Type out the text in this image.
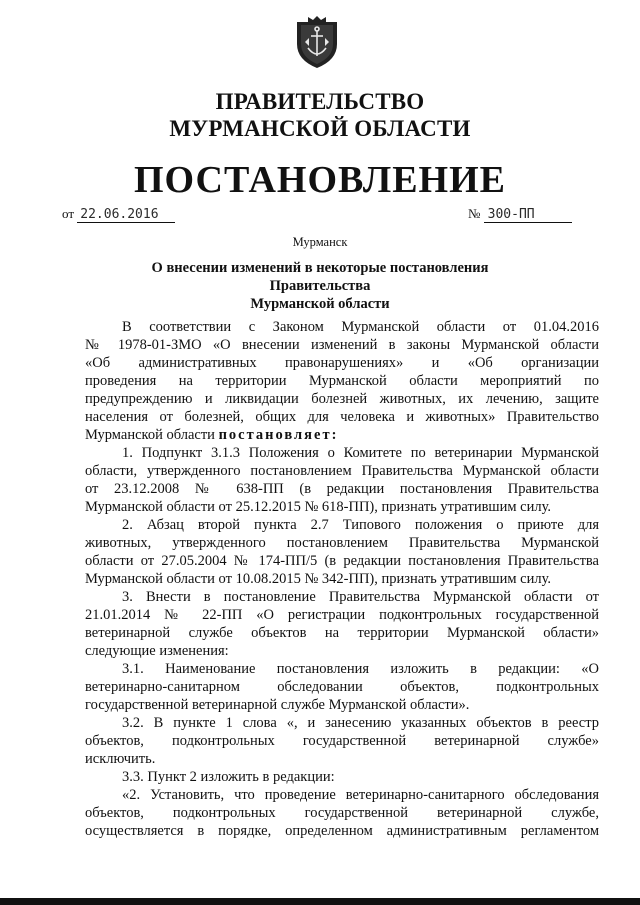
ПРАВИТЕЛЬСТВО
МУРМАНСКОЙ ОБЛАСТИ
ПОСТАНОВЛЕНИЕ
от 22.06.2016	№ 300-ПП
Мурманск
О внесении изменений в некоторые постановления Правительства
Мурманской области
В соответствии с Законом Мурманской области от 01.04.2016
№ 1978-01-ЗМО «О внесении изменений в законы Мурманской области
«Об административных правонарушениях» и «Об организации
проведения на территории Мурманской области мероприятий по
предупреждению и ликвидации болезней животных, их лечению, защите
населения от болезней, общих для человека и животных» Правительство
Мурманской области постановляет:
1. Подпункт 3.1.3 Положения о Комитете по ветеринарии Мурманской
области, утвержденного постановлением Правительства Мурманской области
от 23.12.2008 № 638-ПП (в редакции постановления Правительства
Мурманской области от 25.12.2015 № 618-ПП), признать утратившим силу.
2. Абзац второй пункта 2.7 Типового положения о приюте для
животных, утвержденного постановлением Правительства Мурманской
области от 27.05.2004 № 174-ПП/5 (в редакции постановления Правительства
Мурманской области от 10.08.2015 № 342-ПП), признать утратившим силу.
3. Внести в постановление Правительства Мурманской области от
21.01.2014 № 22-ПП «О регистрации подконтрольных государственной
ветеринарной службе объектов на территории Мурманской области»
следующие изменения:
3.1. Наименование постановления изложить в редакции: «О
ветеринарно-санитарном обследовании объектов, подконтрольных
государственной ветеринарной службе Мурманской области».
3.2. В пункте 1 слова «, и занесению указанных объектов в реестр
объектов, подконтрольных государственной ветеринарной службе»
исключить.
3.3. Пункт 2 изложить в редакции:
«2. Установить, что проведение ветеринарно-санитарного обследования
объектов, подконтрольных государственной ветеринарной службе,
осуществляется в порядке, определенном административным регламентом
